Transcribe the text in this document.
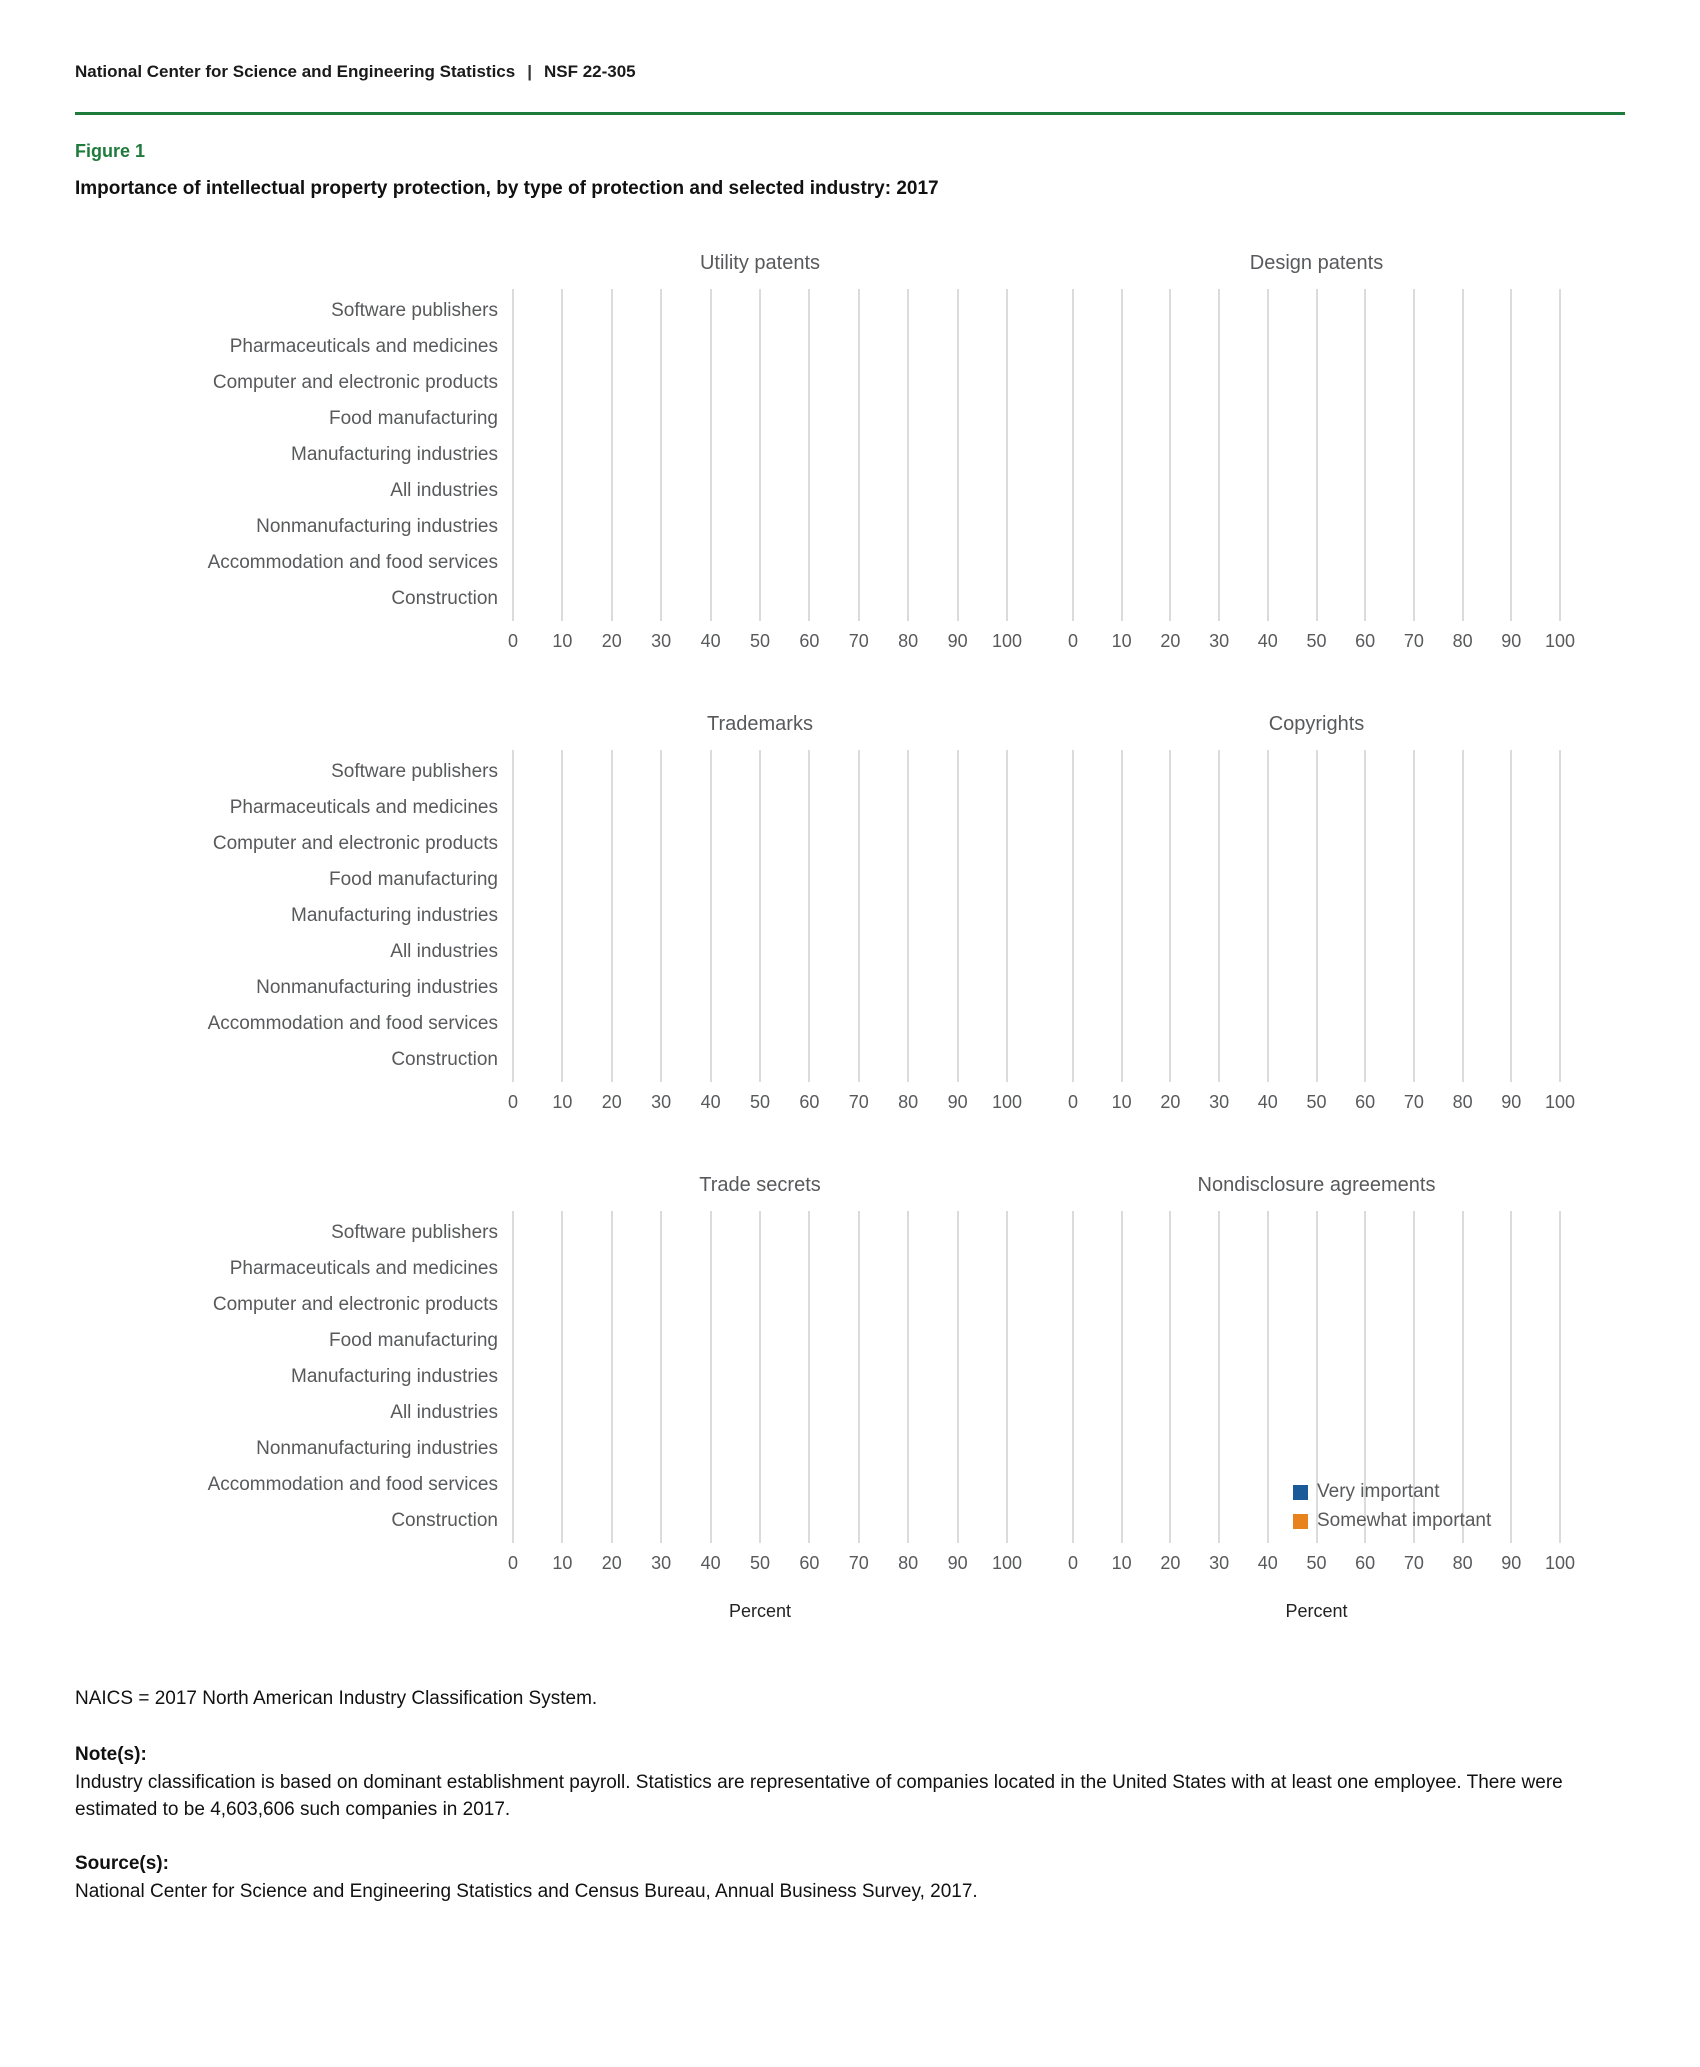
National Center for Science and Engineering Statistics | NSF 22-305
Figure 1
Importance of intellectual property protection, by type of protection and selected industry: 2017
Utility patents
Software publishers
Pharmaceuticals and medicines
Computer and electronic products
Food manufacturing
Manufacturing industries
All industries
Nonmanufacturing industries
Accommodation and food services
Construction
0 10 20 30 40 50 60 70 80 90 100
Design patents
0 10 20 30 40 50 60 70 80 90 100
Trademarks
Software publishers
Pharmaceuticals and medicines
Computer and electronic products
Food manufacturing
Manufacturing industries
All industries
Nonmanufacturing industries
Accommodation and food services
Construction
0 10 20 30 40 50 60 70 80 90 100
Copyrights
0 10 20 30 40 50 60 70 80 90 100
Trade secrets
Software publishers
Pharmaceuticals and medicines
Computer and electronic products
Food manufacturing
Manufacturing industries
All industries
Nonmanufacturing industries
Accommodation and food services
Construction
0 10 20 30 40 50 60 70 80 90 100
Percent
Nondisclosure agreements
Very important
Somewhat important
0 10 20 30 40 50 60 70 80 90 100
Percent
NAICS = 2017 North American Industry Classification System.
Note(s):
Industry classification is based on dominant establishment payroll. Statistics are representative of companies located in the United States with at least one employee. There were estimated to be 4,603,606 such companies in 2017.
Source(s):
National Center for Science and Engineering Statistics and Census Bureau, Annual Business Survey, 2017.
